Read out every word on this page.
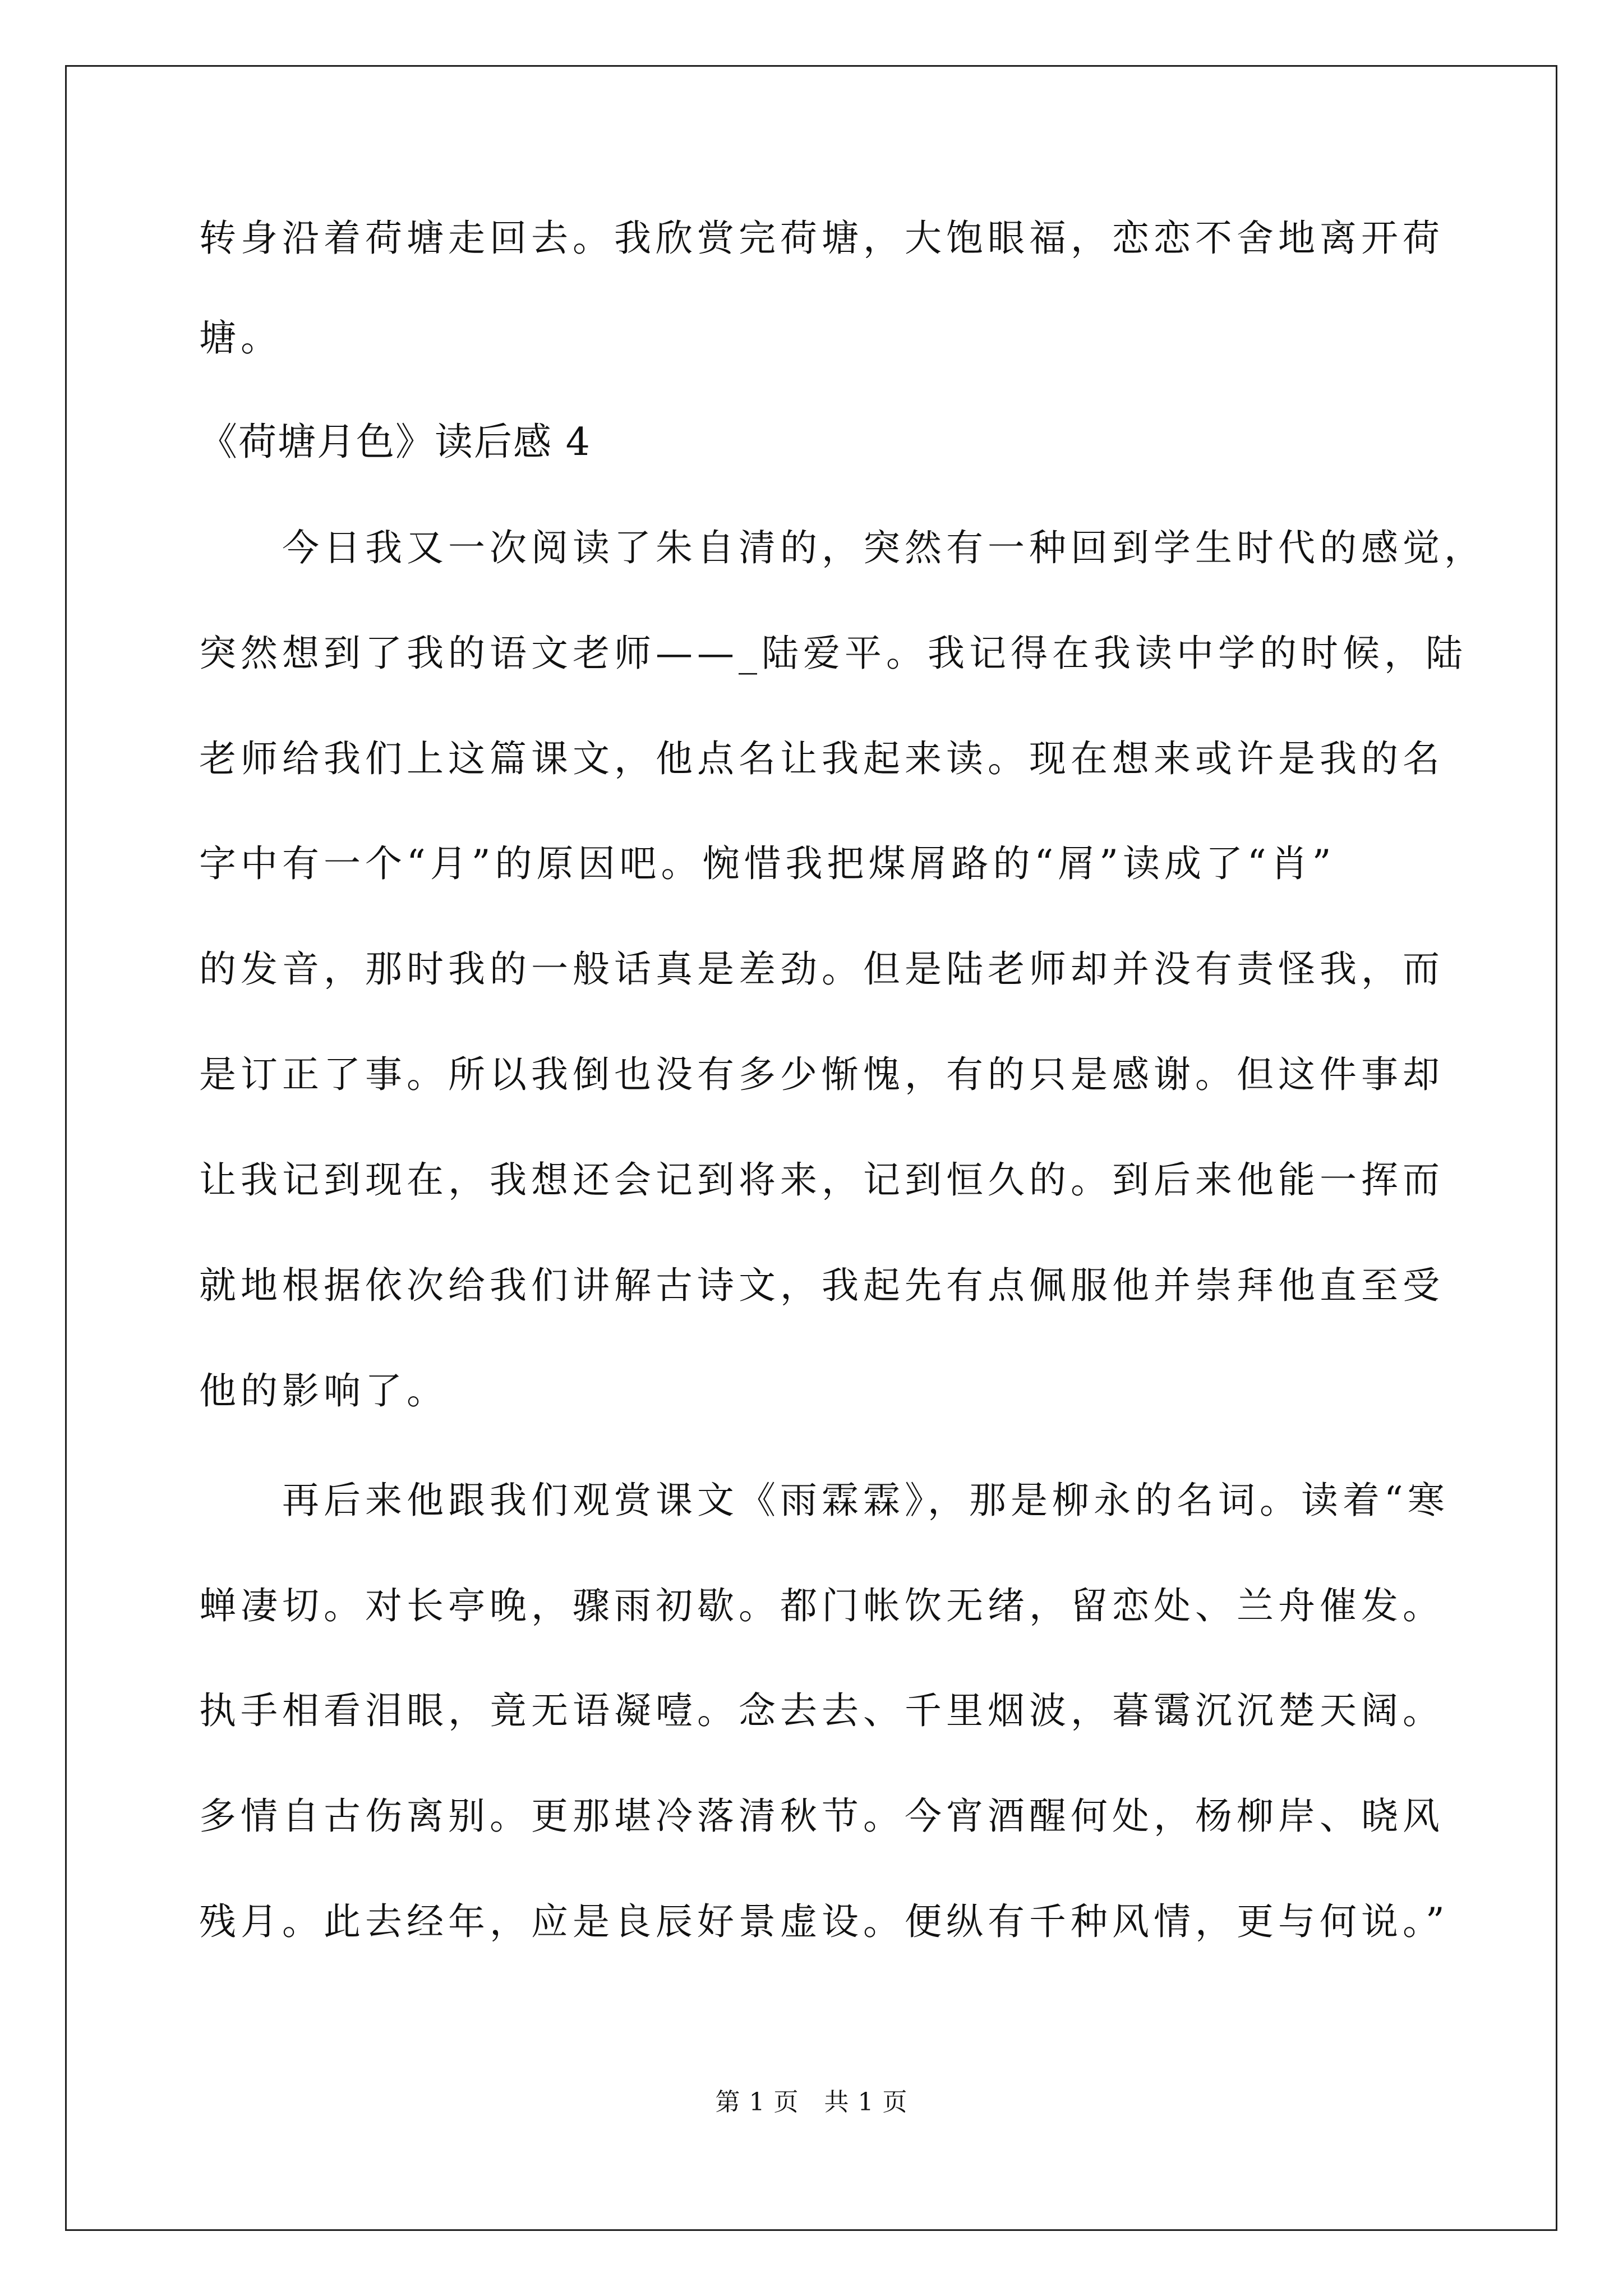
转身沿着荷塘走回去。我欣赏完荷塘，大饱眼福，恋恋不舍地离开荷
塘。
《荷塘月色》读后感 4
　　今日我又一次阅读了朱自清的，突然有一种回到学生时代的感觉，
突然想到了我的语文老师——_陆爱平。我记得在我读中学的时候，陆
老师给我们上这篇课文，他点名让我起来读。现在想来或许是我的名
字中有一个“月”的原因吧。惋惜我把煤屑路的“屑”读成了“肖”
的发音，那时我的一般话真是差劲。但是陆老师却并没有责怪我，而
是订正了事。所以我倒也没有多少惭愧，有的只是感谢。但这件事却
让我记到现在，我想还会记到将来，记到恒久的。到后来他能一挥而
就地根据依次给我们讲解古诗文，我起先有点佩服他并崇拜他直至受
他的影响了。
　　再后来他跟我们观赏课文《雨霖霖》，那是柳永的名词。读着“寒
蝉凄切。对长亭晚，骤雨初歇。都门帐饮无绪，留恋处、兰舟催发。
执手相看泪眼，竟无语凝噎。念去去、千里烟波，暮霭沉沉楚天阔。
多情自古伤离别。更那堪冷落清秋节。今宵酒醒何处，杨柳岸、晓风
残月。此去经年，应是良辰好景虚设。便纵有千种风情，更与何说。”
第 1 页　共 1 页
